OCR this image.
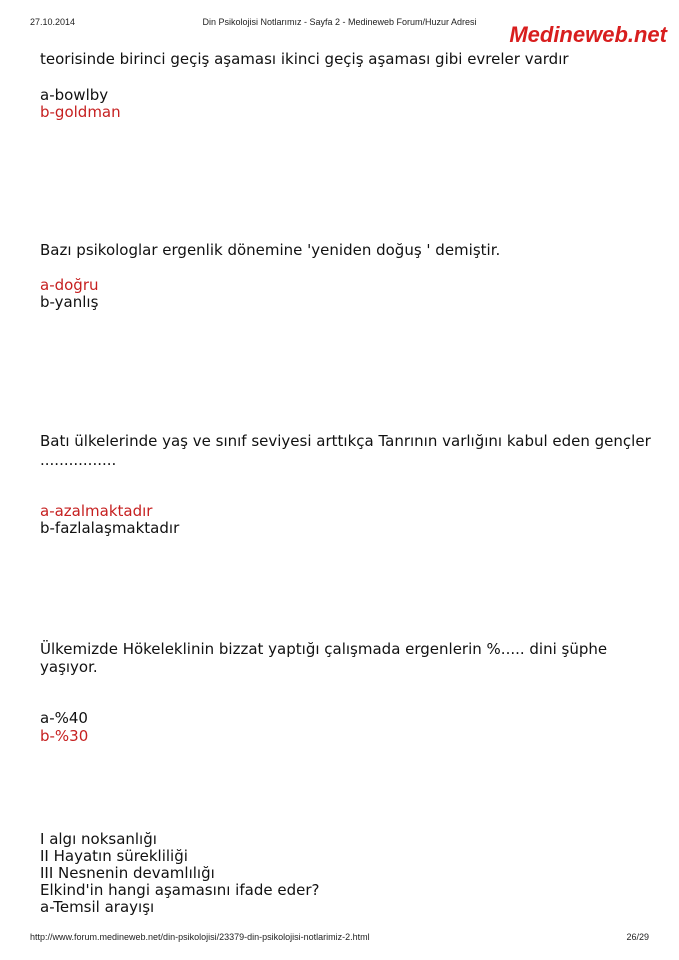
27.10.2014	Din Psikolojisi Notlarımız - Sayfa 2 - Medineweb Forum/Huzur Adresi	Medineweb.net
teorisinde birinci geçiş aşaması ikinci geçiş aşaması gibi evreler vardır
a-bowlby
b-goldman
Bazı psikologlar ergenlik dönemine 'yeniden doğuş ' demiştir.
a-doğru
b-yanlış
Batı ülkelerinde yaş ve sınıf seviyesi arttıkça Tanrının varlığını kabul eden gençler
................
a-azalmaktadır
b-fazlalaşmaktadır
Ülkemizde Hökeleklinin bizzat yaptığı çalışmada ergenlerin %..... dini şüphe
yaşıyor.
a-%40
b-%30
I algı noksanlığı
II Hayatın sürekliliği
III Nesnenin devamlılığı
Elkind'in hangi aşamasını ifade eder?
a-Temsil arayışı
http://www.forum.medineweb.net/din-psikolojisi/23379-din-psikolojisi-notlarimiz-2.html	26/29
